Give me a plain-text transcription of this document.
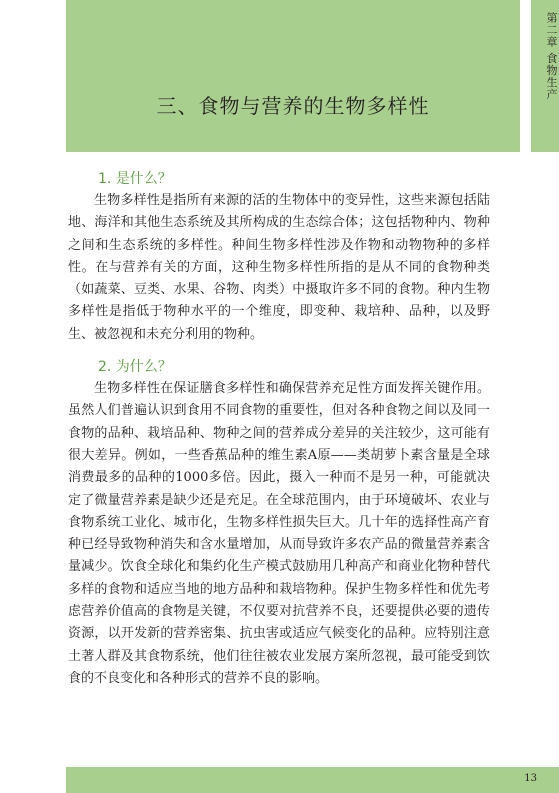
三、食物与营养的生物多样性
第二章 食物生产
1. 是什么？

生物多样性是指所有来源的活的生物体中的变异性，这些来源包括陆地、海洋和其他生态系统及其所构成的生态综合体；这包括物种内、物种之间和生态系统的多样性。种间生物多样性涉及作物和动物物种的多样性。在与营养有关的方面，这种生物多样性所指的是从不同的食物种类（如蔬菜、豆类、水果、谷物、肉类）中摄取许多不同的食物。种内生物多样性是指低于物种水平的一个维度，即变种、栽培种、品种，以及野生、被忽视和未充分利用的物种。

2. 为什么？

生物多样性在保证膳食多样性和确保营养充足性方面发挥关键作用。虽然人们普遍认识到食用不同食物的重要性，但对各种食物之间以及同一食物的品种、栽培品种、物种之间的营养成分差异的关注较少，这可能有很大差异。例如，一些香蕉品种的维生素A原——类胡萝卜素含量是全球消费最多的品种的1000多倍。因此，摄入一种而不是另一种，可能就决定了微量营养素是缺少还是充足。在全球范围内，由于环境破坏、农业与食物系统工业化、城市化，生物多样性损失巨大。几十年的选择性高产育种已经导致物种消失和含水量增加，从而导致许多农产品的微量营养素含量减少。饮食全球化和集约化生产模式鼓励用几种高产和商业化物种替代多样的食物和适应当地的地方品种和栽培物种。保护生物多样性和优先考虑营养价值高的食物是关键，不仅要对抗营养不良，还要提供必要的遗传资源，以开发新的营养密集、抗虫害或适应气候变化的品种。应特别注意土著人群及其食物系统，他们往往被农业发展方案所忽视，最可能受到饮食的不良变化和各种形式的营养不良的影响。

13
